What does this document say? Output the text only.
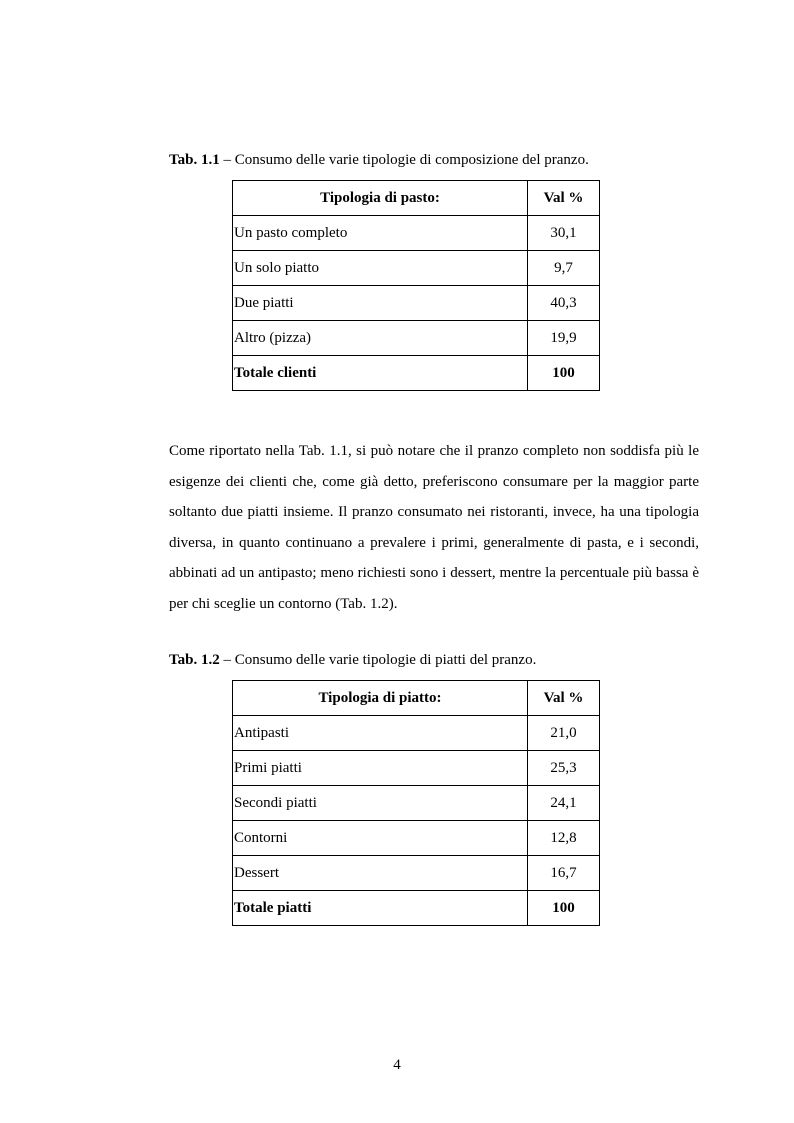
Tab. 1.1 – Consumo delle varie tipologie di composizione del pranzo.
Tipologia di pasto:	Val %
Un pasto completo	30,1
Un solo piatto	9,7
Due piatti	40,3
Altro (pizza)	19,9
Totale clienti	100
Come riportato nella Tab. 1.1, si può notare che il pranzo completo non soddisfa più le esigenze dei clienti che, come già detto, preferiscono consumare per la maggior parte soltanto due piatti insieme. Il pranzo consumato nei ristoranti, invece, ha una tipologia diversa, in quanto continuano a prevalere i primi, generalmente di pasta, e i secondi, abbinati ad un antipasto; meno richiesti sono i dessert, mentre la percentuale più bassa è per chi sceglie un contorno (Tab. 1.2).
Tab. 1.2 – Consumo delle varie tipologie di piatti del pranzo.
Tipologia di piatto:	Val %
Antipasti	21,0
Primi piatti	25,3
Secondi piatti	24,1
Contorni	12,8
Dessert	16,7
Totale piatti	100
4
